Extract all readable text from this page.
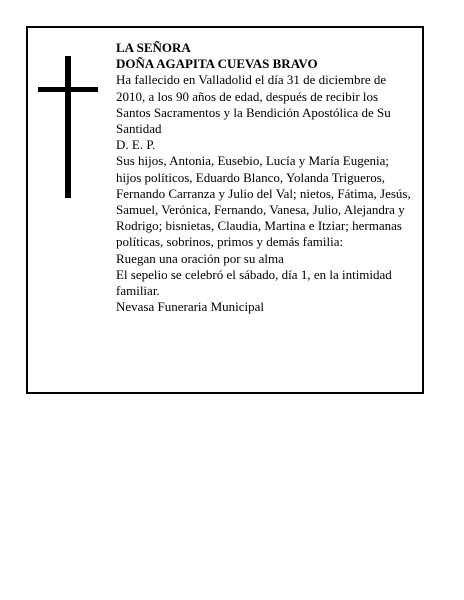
LA SEÑORA

DOÑA AGAPITA CUEVAS BRAVO

Ha fallecido en Valladolid el día 31 de diciembre de 2010, a los 90 años de edad, después de recibir los Santos Sacramentos y la Bendición Apostólica de Su Santidad

D. E. P.

Sus hijos, Antonia, Eusebio, Lucía y María Eugenia; hijos políticos, Eduardo Blanco, Yolanda Trigueros, Fernando Carranza y Julio del Val; nietos, Fátima, Jesús, Samuel, Verónica, Fernando, Vanesa, Julio, Alejandra y Rodrigo; bisnietas, Claudia, Martina e Itziar; hermanas políticas, sobrinos, primos y demás familia:

Ruegan una oración por su alma

El sepelio se celebró el sábado, día 1, en la intimidad familiar.

Nevasa Funeraria Municipal
